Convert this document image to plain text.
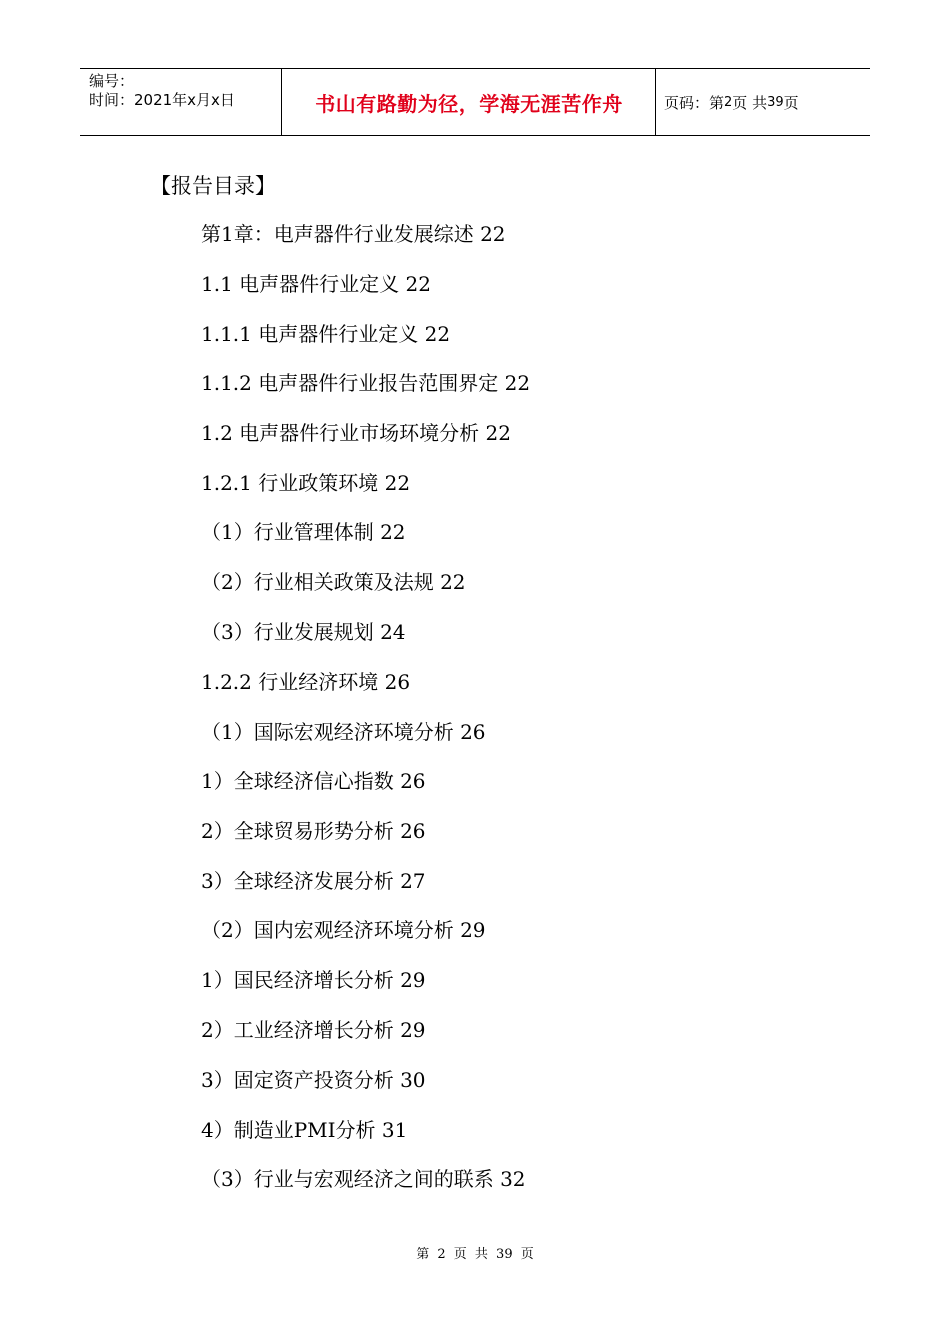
编号：
时间：2021年x月x日	书山有路勤为径，学海无涯苦作舟	页码：第 2 页 共 39 页
【报告目录】
第1章：电声器件行业发展综述 22
1.1 电声器件行业定义 22
1.1.1 电声器件行业定义 22
1.1.2 电声器件行业报告范围界定 22
1.2 电声器件行业市场环境分析 22
1.2.1 行业政策环境 22
（1）行业管理体制 22
（2）行业相关政策及法规 22
（3）行业发展规划 24
1.2.2 行业经济环境 26
（1）国际宏观经济环境分析 26
1）全球经济信心指数 26
2）全球贸易形势分析 26
3）全球经济发展分析 27
（2）国内宏观经济环境分析 29
1）国民经济增长分析 29
2）工业经济增长分析 29
3）固定资产投资分析 30
4）制造业PMI分析 31
（3）行业与宏观经济之间的联系 32
第 2 页 共 39 页
